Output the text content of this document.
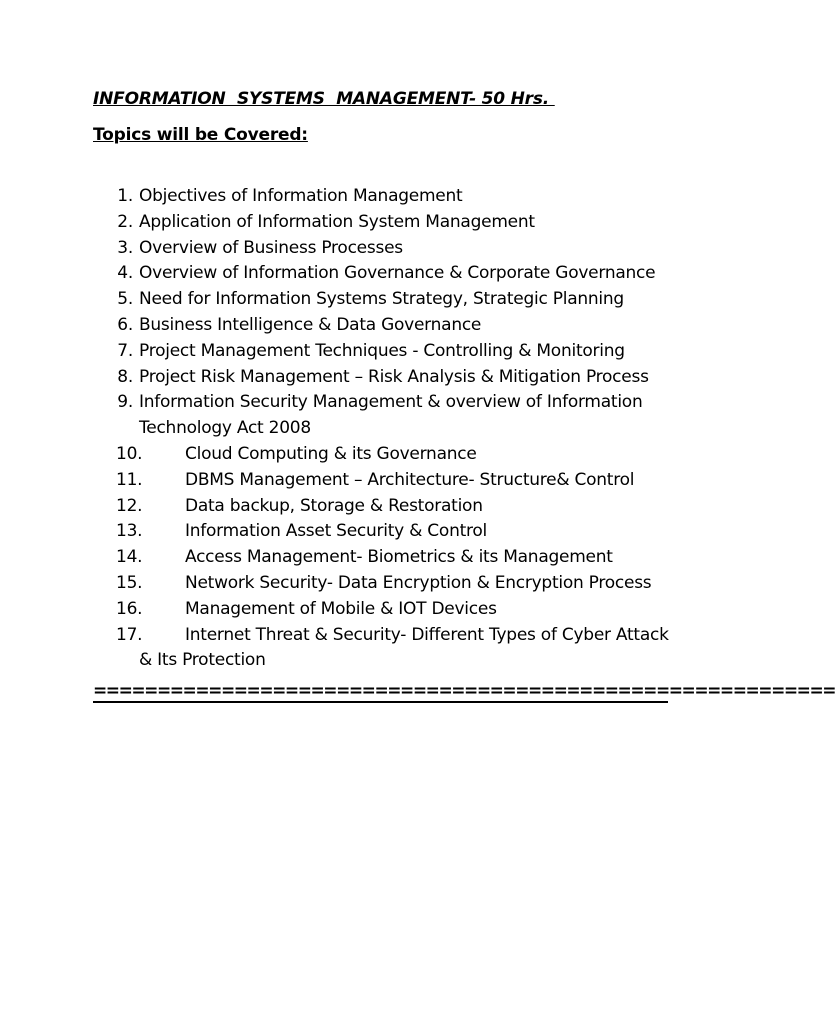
INFORMATION  SYSTEMS  MANAGEMENT- 50 Hrs.
Topics will be Covered:
1. Objectives of Information Management
2. Application of Information System Management
3. Overview of Business Processes
4. Overview of Information Governance & Corporate Governance
5. Need for Information Systems Strategy, Strategic Planning
6. Business Intelligence & Data Governance
7. Project Management Techniques - Controlling & Monitoring
8. Project Risk Management – Risk Analysis & Mitigation Process
9. Information Security Management & overview of Information
Technology Act 2008
10.	Cloud Computing & its Governance
11.	DBMS Management – Architecture- Structure& Control
12.	Data backup, Storage & Restoration
13.	Information Asset Security & Control
14.	Access Management- Biometrics & its Management
15.	Network Security- Data Encryption & Encryption Process
16.	Management of Mobile & IOT Devices
17.	Internet Threat & Security- Different Types of Cyber Attack
& Its Protection
==========================================================
